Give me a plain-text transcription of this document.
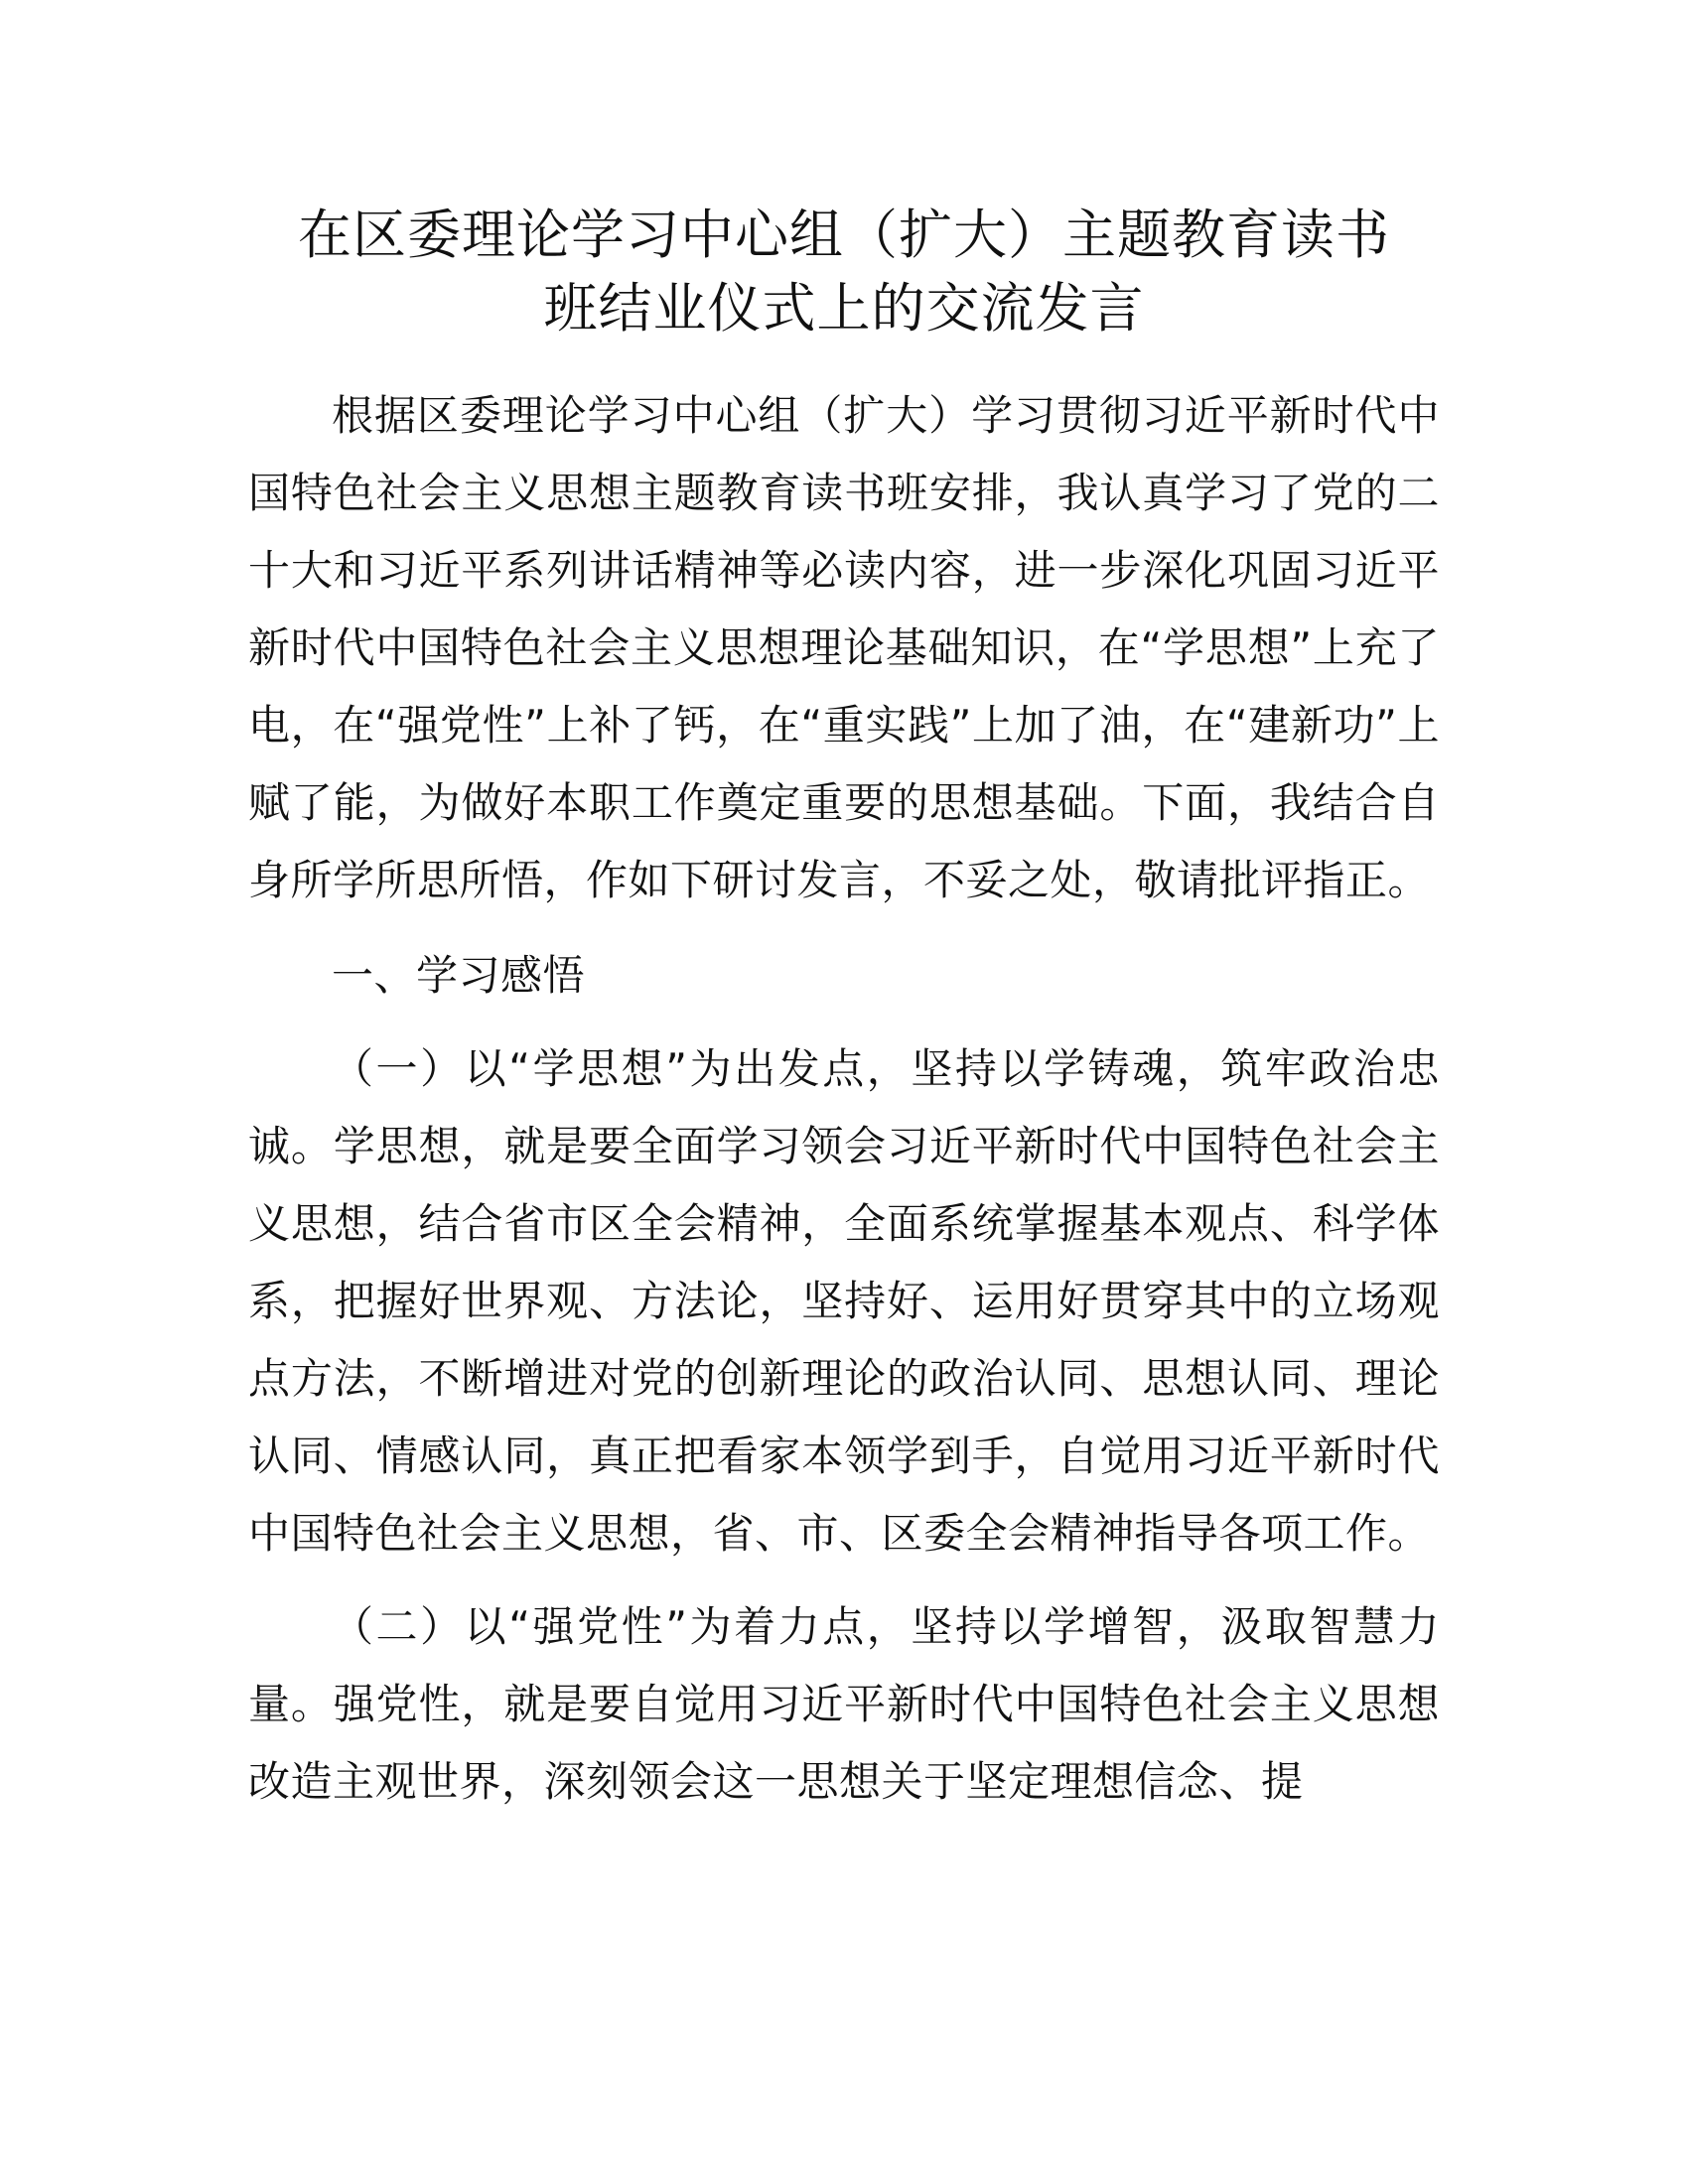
在区委理论学习中心组（扩大）主题教育读书
班结业仪式上的交流发言

根据区委理论学习中心组（扩大）学习贯彻习近平新时代中国特色社会主义思想主题教育读书班安排，我认真学习了党的二十大和习近平系列讲话精神等必读内容，进一步深化巩固习近平新时代中国特色社会主义思想理论基础知识，在“学思想”上充了电，在“强党性”上补了钙，在“重实践”上加了油，在“建新功”上赋了能，为做好本职工作奠定重要的思想基础。下面，我结合自身所学所思所悟，作如下研讨发言，不妥之处，敬请批评指正。

一、学习感悟

（一）以“学思想”为出发点，坚持以学铸魂，筑牢政治忠诚。学思想，就是要全面学习领会习近平新时代中国特色社会主义思想，结合省市区全会精神，全面系统掌握基本观点、科学体系，把握好世界观、方法论，坚持好、运用好贯穿其中的立场观点方法，不断增进对党的创新理论的政治认同、思想认同、理论认同、情感认同，真正把看家本领学到手，自觉用习近平新时代中国特色社会主义思想，省、市、区委全会精神指导各项工作。

（二）以“强党性”为着力点，坚持以学增智，汲取智慧力量。强党性，就是要自觉用习近平新时代中国特色社会主义思想改造主观世界，深刻领会这一思想关于坚定理想信念、提
